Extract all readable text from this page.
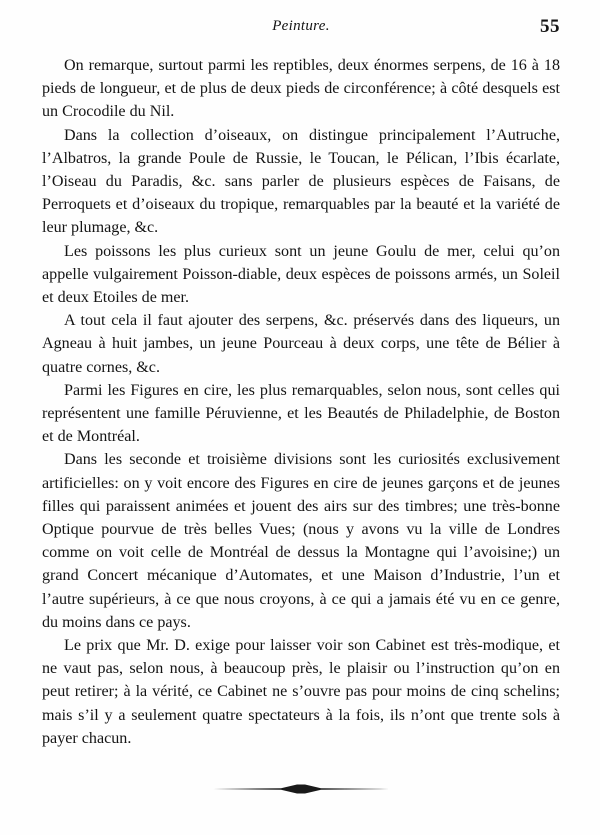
Peinture.	55

On remarque, surtout parmi les reptibles, deux énormes serpens, de 16 à 18 pieds de longueur, et de plus de deux pieds de circonférence; à côté desquels est un Crocodile du Nil.

Dans la collection d’oiseaux, on distingue principalement l’Autruche, l’Albatros, la grande Poule de Russie, le Toucan, le Pélican, l’Ibis écarlate, l’Oiseau du Paradis, &c. sans parler de plusieurs espèces de Faisans, de Perroquets et d’oiseaux du tropique, remarquables par la beauté et la variété de leur plumage, &c.

Les poissons les plus curieux sont un jeune Goulu de mer, celui qu’on appelle vulgairement Poisson-diable, deux espèces de poissons armés, un Soleil et deux Etoiles de mer.

A tout cela il faut ajouter des serpens, &c. préservés dans des liqueurs, un Agneau à huit jambes, un jeune Pourceau à deux corps, une tête de Bélier à quatre cornes, &c.

Parmi les Figures en cire, les plus remarquables, selon nous, sont celles qui représentent une famille Péruvienne, et les Beautés de Philadelphie, de Boston et de Montréal.

Dans les seconde et troisième divisions sont les curiosités exclusivement artificielles: on y voit encore des Figures en cire de jeunes garçons et de jeunes filles qui paraissent animées et jouent des airs sur des timbres; une très-bonne Optique pourvue de très belles Vues; (nous y avons vu la ville de Londres comme on voit celle de Montréal de dessus la Montagne qui l’avoisine;) un grand Concert mécanique d’Automates, et une Maison d’Industrie, l’un et l’autre supérieurs, à ce que nous croyons, à ce qui a jamais été vu en ce genre, du moins dans ce pays.

Le prix que Mr. D. exige pour laisser voir son Cabinet est très-modique, et ne vaut pas, selon nous, à beaucoup près, le plaisir ou l’instruction qu’on en peut retirer; à la vérité, ce Cabinet ne s’ouvre pas pour moins de cinq schelins; mais s’il y a seulement quatre spectateurs à la fois, ils n’ont que trente sols à payer chacun.
